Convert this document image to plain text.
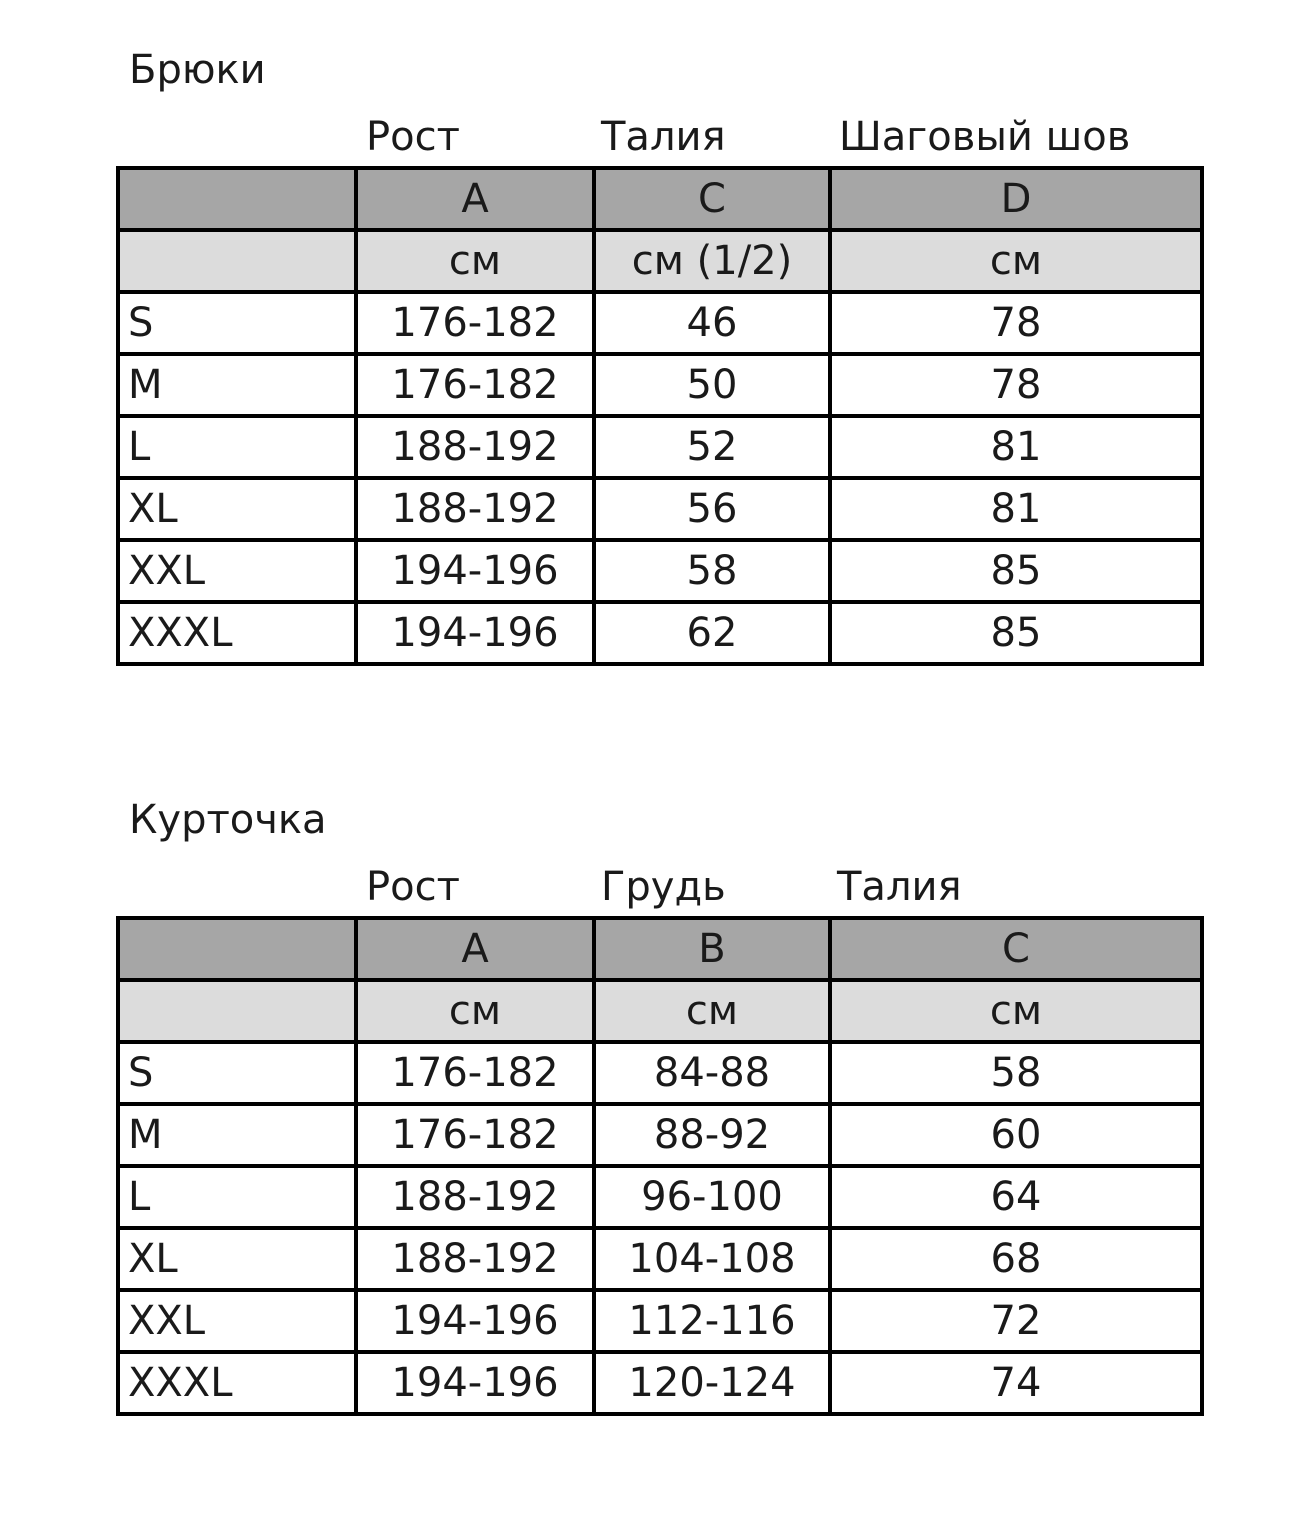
Брюки
Рост	Талия	Шаговый шов
	A	C	D
	см	см (1/2)	см
S	176-182	46	78
M	176-182	50	78
L	188-192	52	81
XL	188-192	56	81
XXL	194-196	58	85
XXXL	194-196	62	85
Курточка
Рост	Грудь	Талия
	A	B	C
	см	см	см
S	176-182	84-88	58
M	176-182	88-92	60
L	188-192	96-100	64
XL	188-192	104-108	68
XXL	194-196	112-116	72
XXXL	194-196	120-124	74
